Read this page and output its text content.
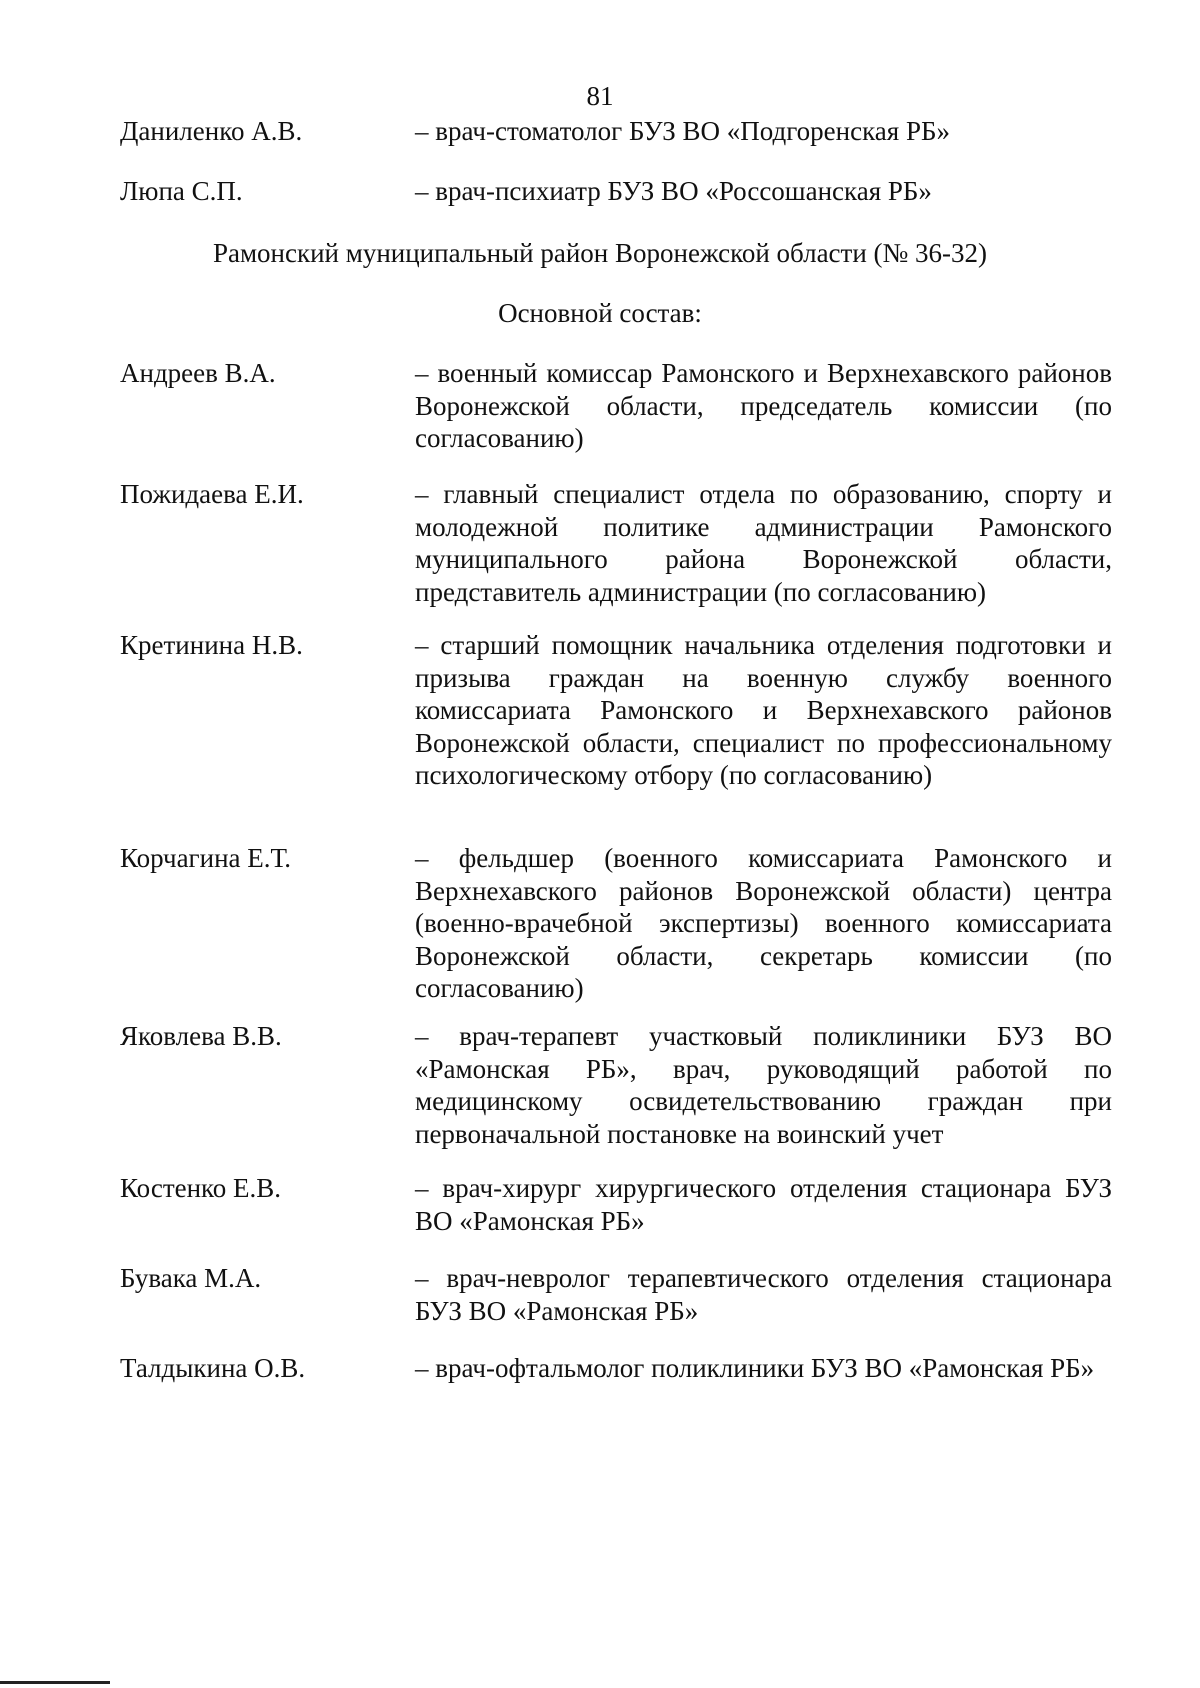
81
Даниленко А.В.	– врач-стоматолог БУЗ ВО «Подгоренская РБ»
Люпа С.П.	– врач-психиатр БУЗ ВО «Россошанская РБ»
Рамонский муниципальный район Воронежской области (№ 36-32)
Основной состав:
Андреев В.А.	– военный комиссар Рамонского и Верхнехавского районов Воронежской области, председатель комиссии (по согласованию)
Пожидаева Е.И.	– главный специалист отдела по образованию, спорту и молодежной политике администрации Рамонского муниципального района Воронежской области, представитель администрации (по согласованию)
Кретинина Н.В.	– старший помощник начальника отделения подготовки и призыва граждан на военную службу военного комиссариата Рамонского и Верхнехавского районов Воронежской области, специалист по профессиональному психологическому отбору (по согласованию)
Корчагина Е.Т.	– фельдшер (военного комиссариата Рамонского и Верхнехавского районов Воронежской области) центра (военно-врачебной экспертизы) военного комиссариата Воронежской области, секретарь комиссии (по согласованию)
Яковлева В.В.	– врач-терапевт участковый поликлиники БУЗ ВО «Рамонская РБ», врач, руководящий работой по медицинскому освидетельствованию граждан при первоначальной постановке на воинский учет
Костенко Е.В.	– врач-хирург хирургического отделения стационара БУЗ ВО «Рамонская РБ»
Бувака М.А.	– врач-невролог терапевтического отделения стационара БУЗ ВО «Рамонская РБ»
Талдыкина О.В.	– врач-офтальмолог поликлиники БУЗ ВО «Рамонская РБ»
